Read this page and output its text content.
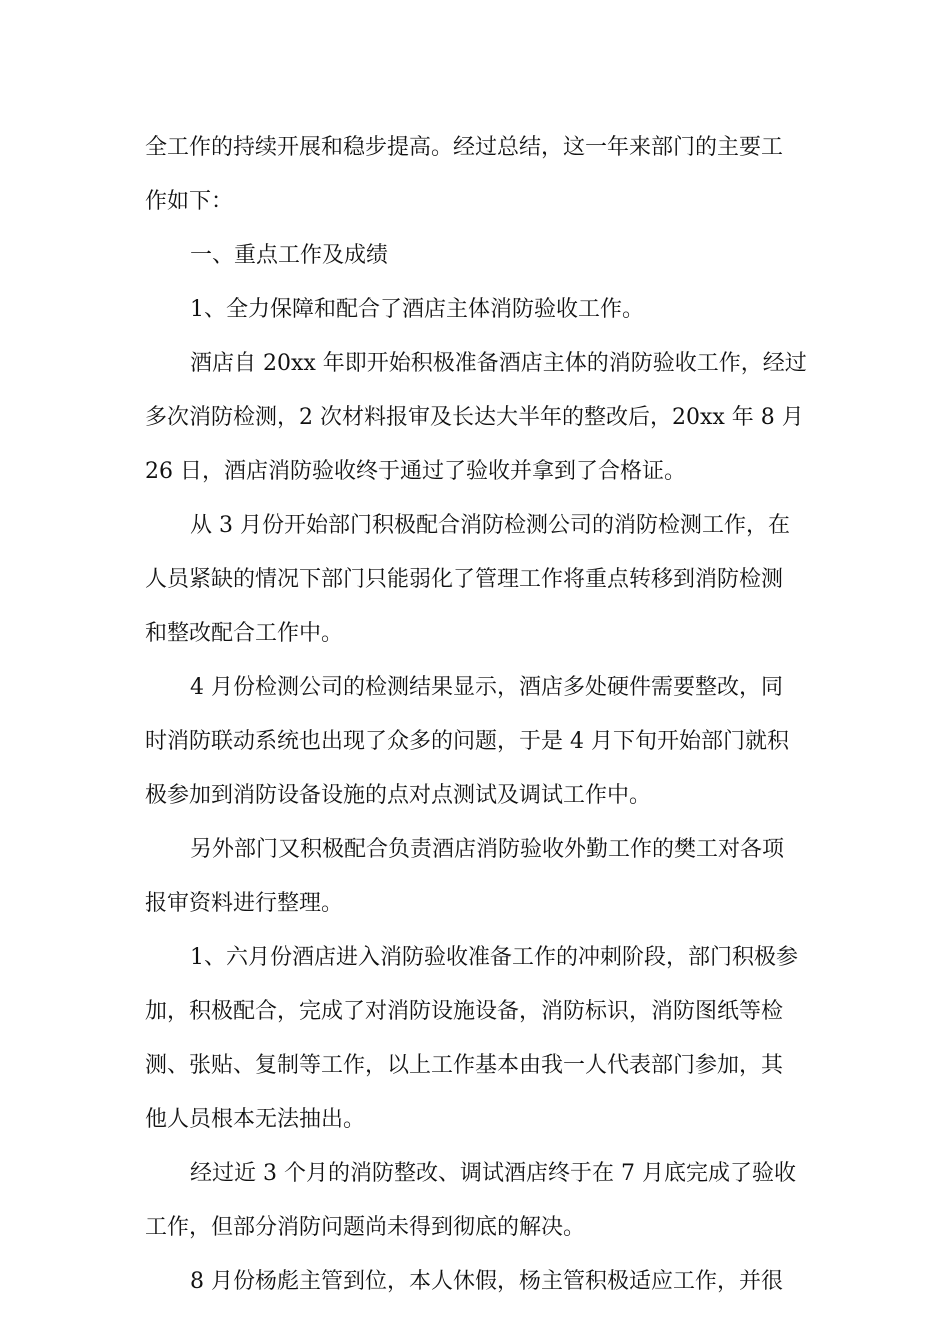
全工作的持续开展和稳步提高。经过总结，这一年来部门的主要工
作如下：
一、重点工作及成绩
1、全力保障和配合了酒店主体消防验收工作。
酒店自 20xx 年即开始积极准备酒店主体的消防验收工作，经过
多次消防检测，2 次材料报审及长达大半年的整改后，20xx 年 8 月
26 日，酒店消防验收终于通过了验收并拿到了合格证。
从 3 月份开始部门积极配合消防检测公司的消防检测工作，在
人员紧缺的情况下部门只能弱化了管理工作将重点转移到消防检测
和整改配合工作中。
4 月份检测公司的检测结果显示，酒店多处硬件需要整改，同
时消防联动系统也出现了众多的问题，于是 4 月下旬开始部门就积
极参加到消防设备设施的点对点测试及调试工作中。
另外部门又积极配合负责酒店消防验收外勤工作的樊工对各项
报审资料进行整理。
1、六月份酒店进入消防验收准备工作的冲刺阶段，部门积极参
加，积极配合，完成了对消防设施设备，消防标识，消防图纸等检
测、张贴、复制等工作，以上工作基本由我一人代表部门参加，其
他人员根本无法抽出。
经过近 3 个月的消防整改、调试酒店终于在 7 月底完成了验收
工作，但部分消防问题尚未得到彻底的解决。
8 月份杨彪主管到位，本人休假，杨主管积极适应工作，并很
